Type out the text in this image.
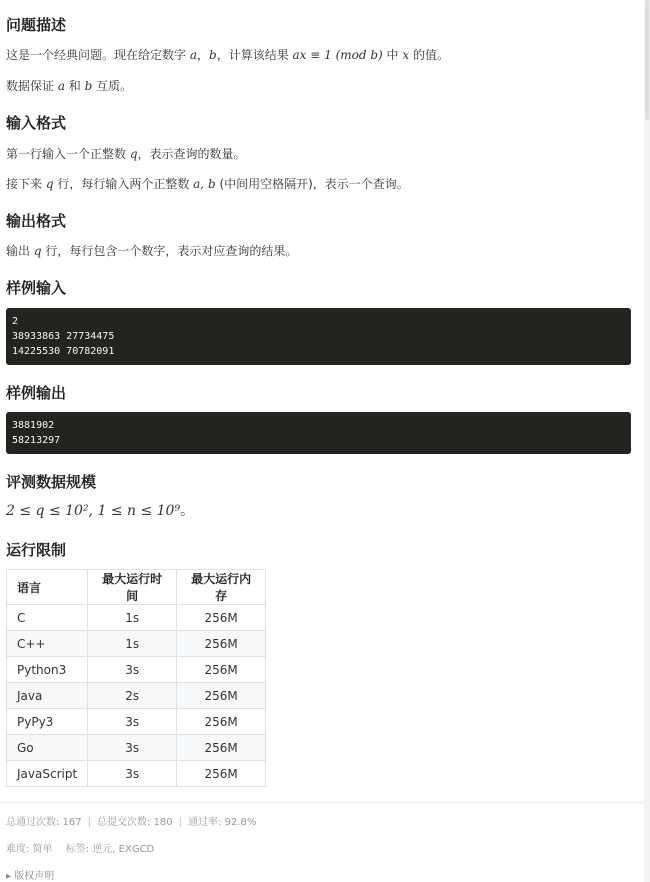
问题描述

这是一个经典问题。现在给定数字 a，b，计算该结果 ax ≡ 1 (mod b) 中 x 的值。

数据保证 a 和 b 互质。

输入格式

第一行输入一个正整数 q，表示查询的数量。

接下来 q 行，每行输入两个正整数 a, b (中间用空格隔开)，表示一个查询。

输出格式

输出 q 行，每行包含一个数字，表示对应查询的结果。

样例输入
2
38933863 27734475
14225530 70782091
样例输出
3881902
58213297
评测数据规模

2 ≤ q ≤ 10², 1 ≤ n ≤ 10⁹。

运行限制
语言	最大运行时间	最大运行内存
C	1s	256M
C++	1s	256M
Python3	3s	256M
Java	2s	256M
PyPy3	3s	256M
Go	3s	256M
JavaScript	3s	256M
总通过次数: 167 | 总提交次数: 180 | 通过率: 92.8%
难度: 简单 标签: 逆元, EXGCD
▸ 版权声明
